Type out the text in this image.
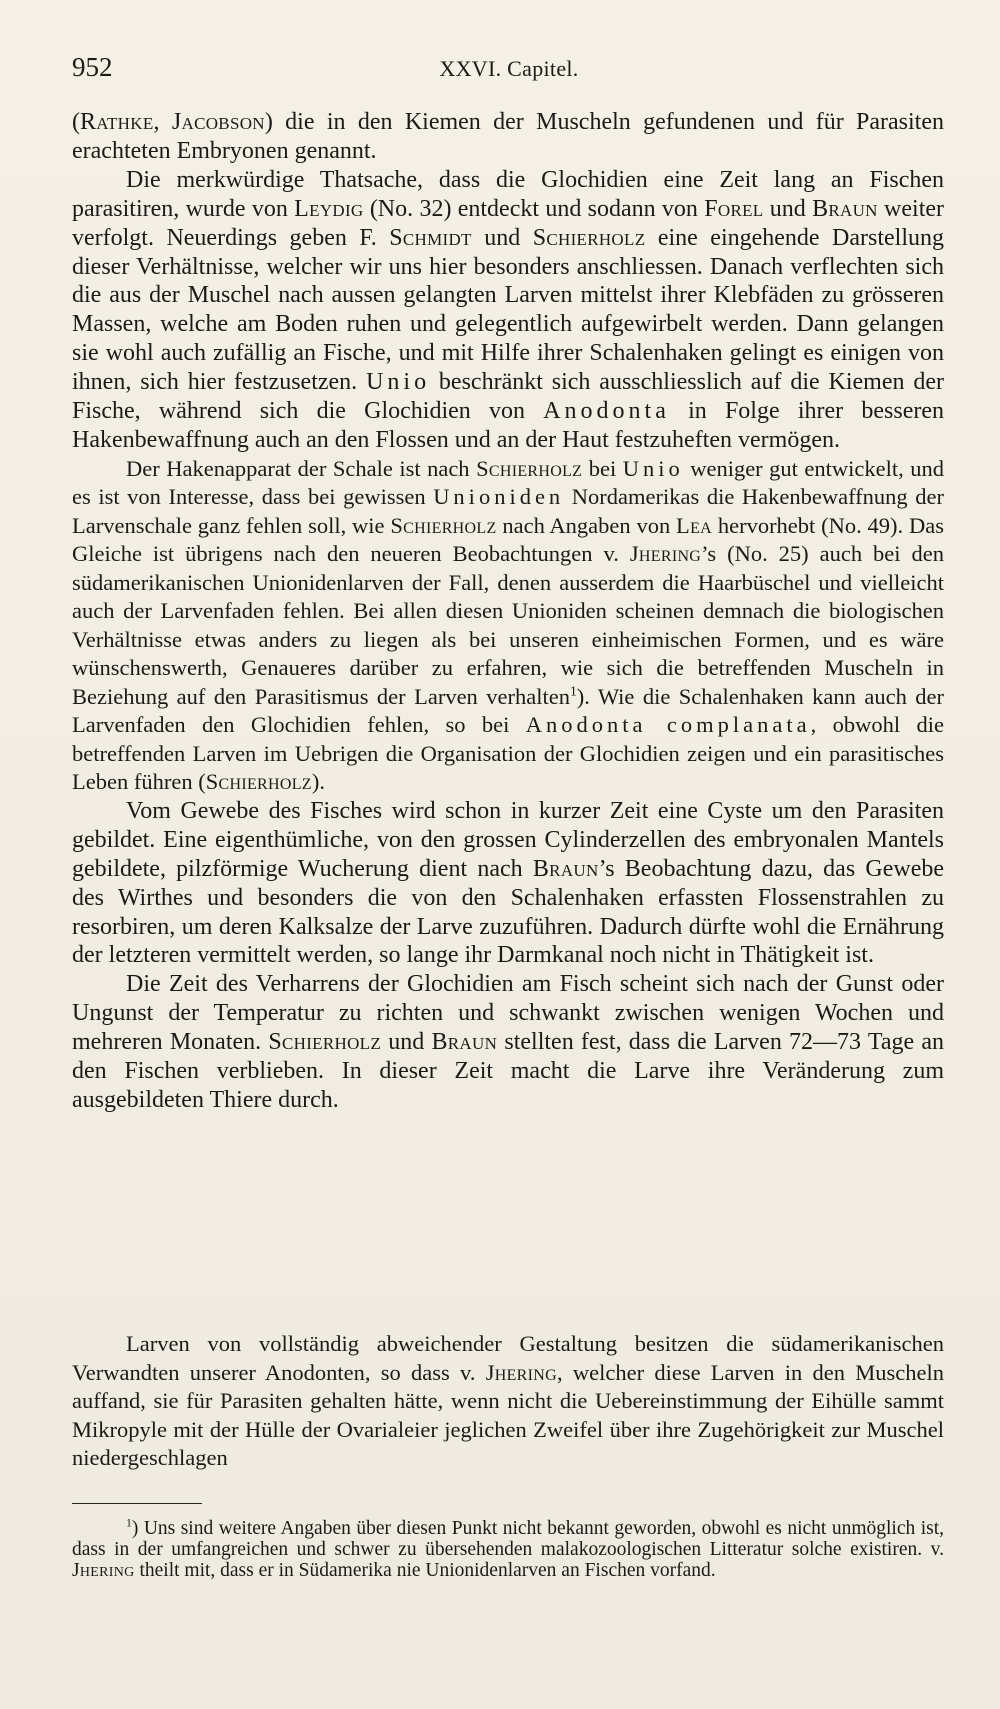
952	XXVI. Capitel.

(Rathke, Jacobson) die in den Kiemen der Muscheln gefundenen und für Parasiten erachteten Embryonen genannt.

Die merkwürdige Thatsache, dass die Glochidien eine Zeit lang an Fischen parasitiren, wurde von Leydig (No. 32) entdeckt und sodann von Forel und Braun weiter verfolgt. Neuerdings geben F. Schmidt und Schierholz eine eingehende Darstellung dieser Verhältnisse, welcher wir uns hier besonders anschliessen. Danach verflechten sich die aus der Muschel nach aussen gelangten Larven mittelst ihrer Klebfäden zu grösseren Massen, welche am Boden ruhen und gelegentlich aufgewirbelt werden. Dann gelangen sie wohl auch zufällig an Fische, und mit Hilfe ihrer Schalenhaken gelingt es einigen von ihnen, sich hier festzusetzen. Unio beschränkt sich ausschliesslich auf die Kiemen der Fische, während sich die Glochidien von Anodonta in Folge ihrer besseren Hakenbewaffnung auch an den Flossen und an der Haut festzuheften vermögen.

Der Hakenapparat der Schale ist nach Schierholz bei Unio weniger gut entwickelt, und es ist von Interesse, dass bei gewissen Unioniden Nordamerikas die Hakenbewaffnung der Larvenschale ganz fehlen soll, wie Schierholz nach Angaben von Lea hervorhebt (No. 49). Das Gleiche ist übrigens nach den neueren Beobachtungen v. Jhering’s (No. 25) auch bei den südamerikanischen Unionidenlarven der Fall, denen ausserdem die Haarbüschel und vielleicht auch der Larvenfaden fehlen. Bei allen diesen Unioniden scheinen demnach die biologischen Verhältnisse etwas anders zu liegen als bei unseren einheimischen Formen, und es wäre wünschenswerth, Genaueres darüber zu erfahren, wie sich die betreffenden Muscheln in Beziehung auf den Parasitismus der Larven verhalten$^1$). Wie die Schalenhaken kann auch der Larvenfaden den Glochidien fehlen, so bei Anodonta complanata, obwohl die betreffenden Larven im Uebrigen die Organisation der Glochidien zeigen und ein parasitisches Leben führen (Schierholz).

Vom Gewebe des Fisches wird schon in kurzer Zeit eine Cyste um den Parasiten gebildet. Eine eigenthümliche, von den grossen Cylinderzellen des embryonalen Mantels gebildete, pilzförmige Wucherung dient nach Braun’s Beobachtung dazu, das Gewebe des Wirthes und besonders die von den Schalenhaken erfassten Flossenstrahlen zu resorbiren, um deren Kalksalze der Larve zuzuführen. Dadurch dürfte wohl die Ernährung der letzteren vermittelt werden, so lange ihr Darmkanal noch nicht in Thätigkeit ist.

Die Zeit des Verharrens der Glochidien am Fisch scheint sich nach der Gunst oder Ungunst der Temperatur zu richten und schwankt zwischen wenigen Wochen und mehreren Monaten. Schierholz und Braun stellten fest, dass die Larven 72—73 Tage an den Fischen verblieben. In dieser Zeit macht die Larve ihre Veränderung zum ausgebildeten Thiere durch.

Larven von vollständig abweichender Gestaltung besitzen die südamerikanischen Verwandten unserer Anodonten, so dass v. Jhering, welcher diese Larven in den Muscheln auffand, sie für Parasiten gehalten hätte, wenn nicht die Uebereinstimmung der Eihülle sammt Mikropyle mit der Hülle der Ovarialeier jeglichen Zweifel über ihre Zugehörigkeit zur Muschel niedergeschlagen

$^1$) Uns sind weitere Angaben über diesen Punkt nicht bekannt geworden, obwohl es nicht unmöglich ist, dass in der umfangreichen und schwer zu übersehenden malakozoologischen Litteratur solche existiren. v. Jhering theilt mit, dass er in Südamerika nie Unionidenlarven an Fischen vorfand.
